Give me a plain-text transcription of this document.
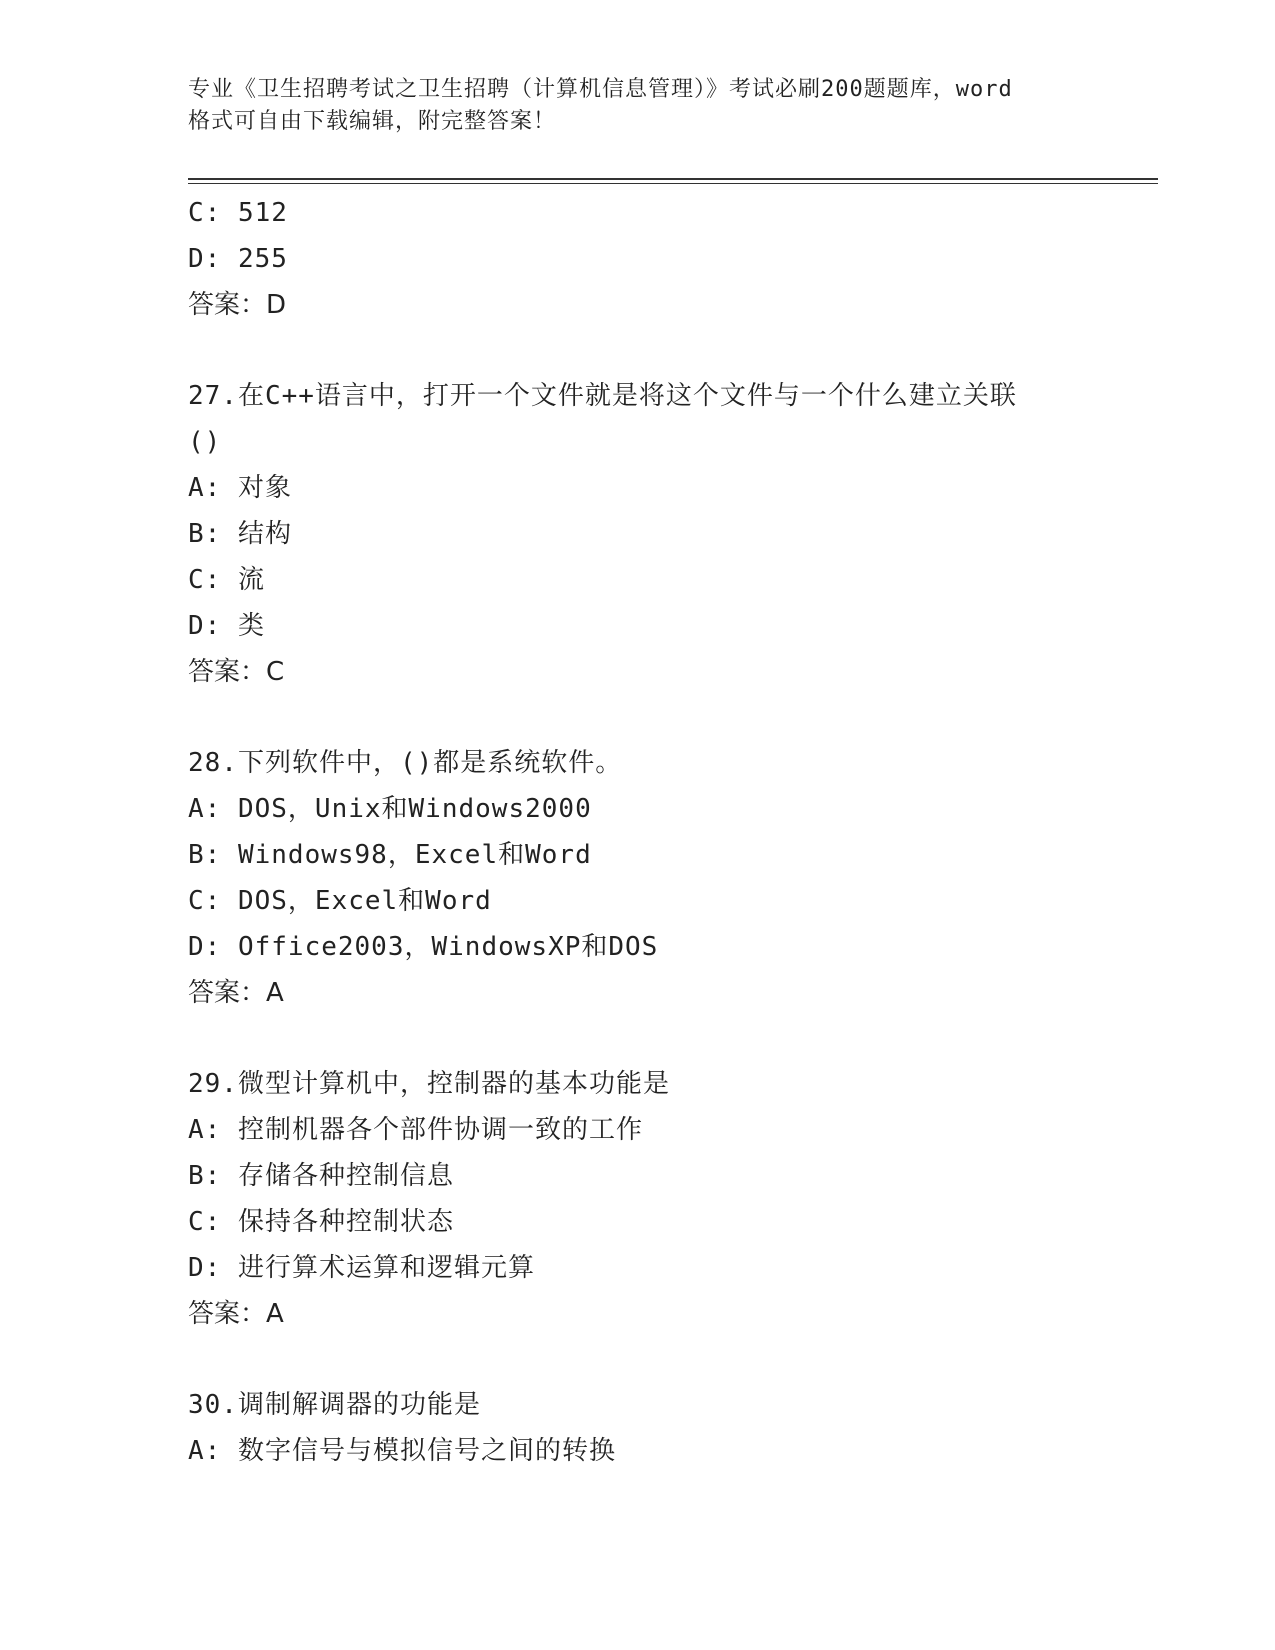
专业《卫生招聘考试之卫生招聘（计算机信息管理）》考试必刷200题题库，word
格式可自由下载编辑，附完整答案！
C: 512
D: 255
答案：D
27.在C++语言中，打开一个文件就是将这个文件与一个什么建立关联
()
A: 对象
B: 结构
C: 流
D: 类
答案：C
28.下列软件中，()都是系统软件。
A: DOS，Unix和Windows2000
B: Windows98，Excel和Word
C: DOS，Excel和Word
D: Office2003，WindowsXP和DOS
答案：A
29.微型计算机中，控制器的基本功能是
A: 控制机器各个部件协调一致的工作
B: 存储各种控制信息
C: 保持各种控制状态
D: 进行算术运算和逻辑元算
答案：A
30.调制解调器的功能是
A: 数字信号与模拟信号之间的转换
